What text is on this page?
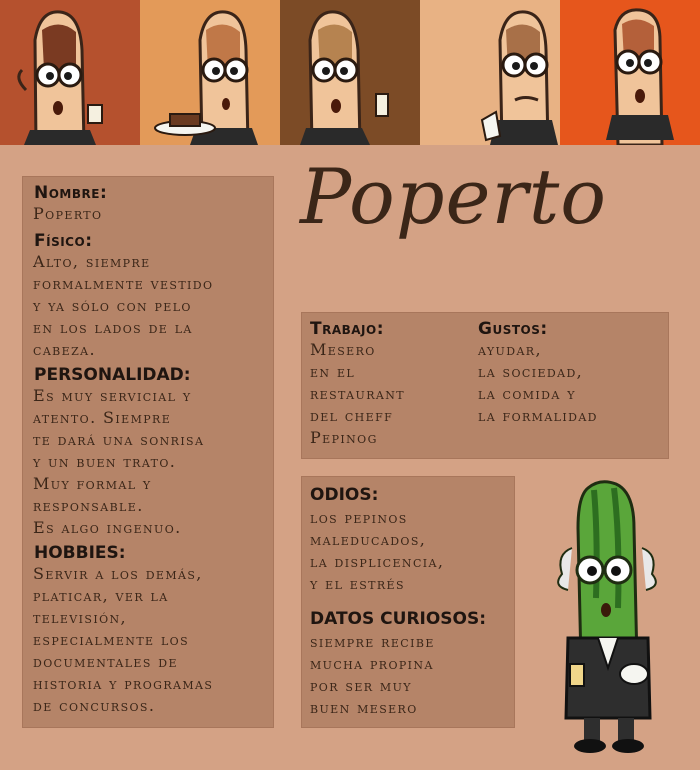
Poperto
Nombre:
Poperto
Físico:
Alto, siempre
formalmente vestido
y ya sólo con pelo
en los lados de la
cabeza.
PERSONALIDAD:
Es muy servicial y
atento. Siempre
te dará una sonrisa
y un buen trato.
Muy formal y
responsable.
Es algo ingenuo.
HOBBIES:
Servir a los demás,
platicar, ver la
televisión,
especialmente los
documentales de
historia y programas
de concursos.
Trabajo:
Mesero
en el
restaurant
del cheff
Pepinog
Gustos:
ayudar,
la sociedad,
la comida y
la formalidad
ODIOS:
los pepinos
maleducados,
la displicencia,
y el estrés
DATOS CURIOSOS:
siempre recibe
mucha propina
por ser muy
buen mesero
